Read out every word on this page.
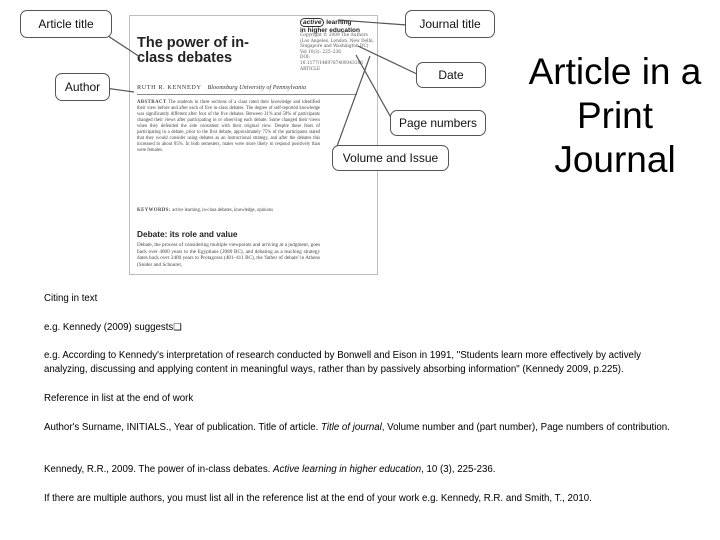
active learning
in higher education
Copyright © 2009 The Authors
(Los Angeles, London, New Delhi,
Singapore and Washington DC)
Vol 10(3): 225–236
DOI: 10.1177/1469787409343186
ARTICLE
The power of in-class debates
RUTH R. KENNEDY Bloomsburg University of Pennsylvania
ABSTRACT The students in three sections of a class rated their knowledge and identified their view before and after each of five in-class debates. The degree of self-reported knowledge was significantly different after four of the five debates. Between 31% and 58% of participants changed their views after participating in or observing each debate. Some changed their views when they defended the side consistent with their original view. Despite these fears of participating in a debate, prior to the first debate, approximately 75% of the participants stated that they would consider using debates as an instructional strategy, and after the debates this increased to about 85%. In both semesters, males were more likely to respond positively than were females.
KEYWORDS: active learning, in-class debates, knowledge, opinions
Debate: its role and value
Debate, the process of considering multiple viewpoints and arriving at a judgment, goes back over 4000 years to the Egyptians (2080 BC), and debating as a teaching strategy dates back over 2400 years to Protagoras (481–411 BC), the 'father of debate' in Athens (Snider and Schnurer,
Article title
Author
Journal title
Date
Page numbers
Volume and Issue
Article in a Print Journal
Citing in text
e.g. Kennedy (2009) suggests❑
e.g. According to Kennedy's interpretation of research conducted by Bonwell and Eison in 1991, "Students learn more effectively by actively analyzing, discussing and applying content in meaningful ways, rather than by passively absorbing information" (Kennedy 2009, p.225).
Reference in list at the end of work
Author's Surname, INITIALS., Year of publication. Title of article. Title of journal, Volume number and (part number), Page numbers of contribution.
Kennedy, R.R., 2009. The power of in-class debates. Active learning in higher education, 10 (3), 225-236.
If there are multiple authors, you must list all in the reference list at the end of your work e.g. Kennedy, R.R. and Smith, T., 2010.
